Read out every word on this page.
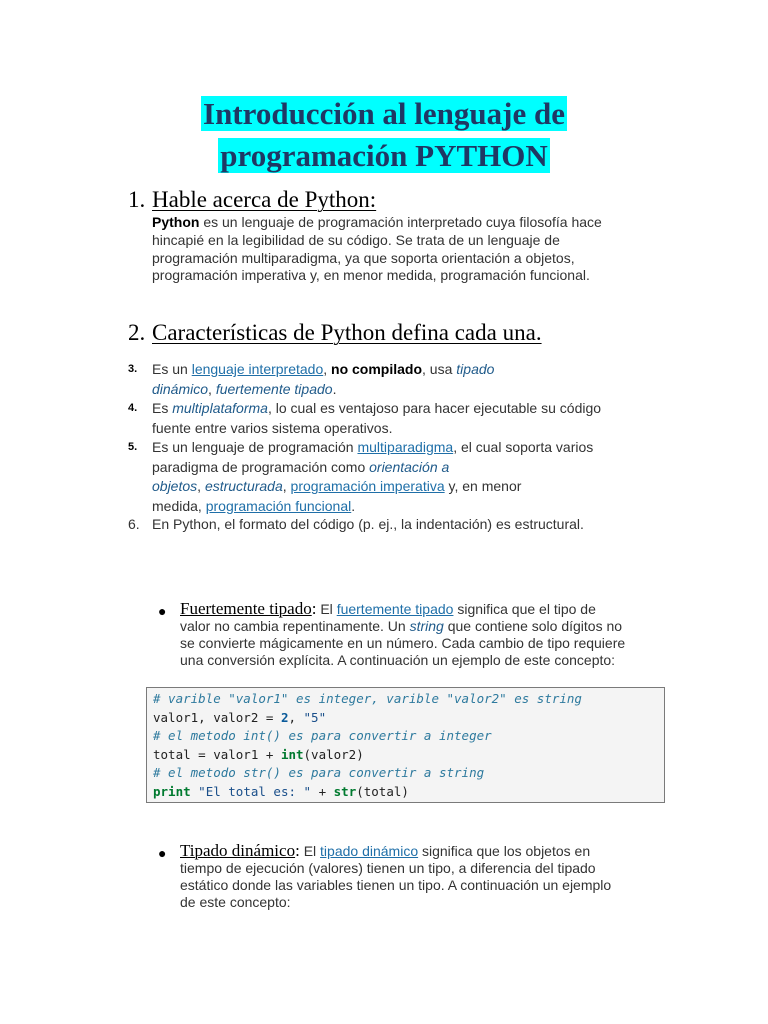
Introducción al lenguaje de
programación PYTHON
1. Hable acerca de Python:
Python es un lenguaje de programación interpretado cuya filosofía hace
hincapié en la legibilidad de su código. Se trata de un lenguaje de
programación multiparadigma, ya que soporta orientación a objetos,
programación imperativa y, en menor medida, programación funcional.
2. Características de Python defina cada una.
3.	Es un lenguaje interpretado, no compilado, usa tipado
dinámico, fuertemente tipado.
4.	Es multiplataforma, lo cual es ventajoso para hacer ejecutable su código
fuente entre varios sistema operativos.
5.	Es un lenguaje de programación multiparadigma, el cual soporta varios
paradigma de programación como orientación a
objetos, estructurada, programación imperativa y, en menor
medida, programación funcional.
6. En Python, el formato del código (p. ej., la indentación) es estructural.
● Fuertemente tipado: El fuertemente tipado significa que el tipo de
valor no cambia repentinamente. Un string que contiene solo dígitos no
se convierte mágicamente en un número. Cada cambio de tipo requiere
una conversión explícita. A continuación un ejemplo de este concepto:
# varible "valor1" es integer, varible "valor2" es string
valor1, valor2 = 2, "5"
# el metodo int() es para convertir a integer
total = valor1 + int(valor2)
# el metodo str() es para convertir a string
print "El total es: " + str(total)
● Tipado dinámico: El tipado dinámico significa que los objetos en
tiempo de ejecución (valores) tienen un tipo, a diferencia del tipado
estático donde las variables tienen un tipo. A continuación un ejemplo
de este concepto:
